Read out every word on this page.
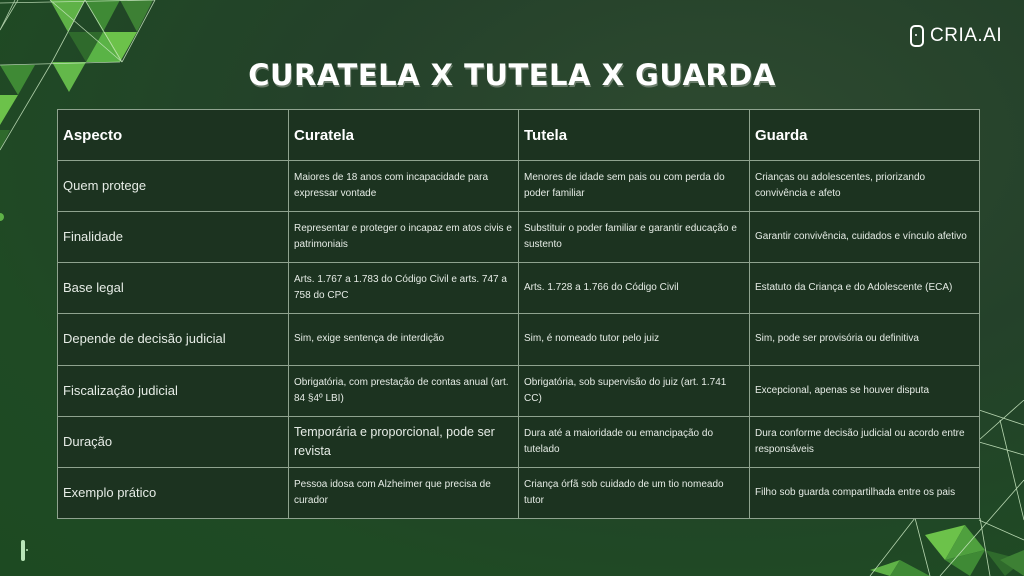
CRIA.AI
CURATELA X TUTELA X GUARDA
Aspecto	Curatela	Tutela	Guarda
Quem protege	Maiores de 18 anos com incapacidade para expressar vontade	Menores de idade sem pais ou com perda do poder familiar	Crianças ou adolescentes, priorizando convivência e afeto
Finalidade	Representar e proteger o incapaz em atos civis e patrimoniais	Substituir o poder familiar e garantir educação e sustento	Garantir convivência, cuidados e vínculo afetivo
Base legal	Arts. 1.767 a 1.783 do Código Civil e arts. 747 a 758 do CPC	Arts. 1.728 a 1.766 do Código Civil	Estatuto da Criança e do Adolescente (ECA)
Depende de decisão judicial	Sim, exige sentença de interdição	Sim, é nomeado tutor pelo juiz	Sim, pode ser provisória ou definitiva
Fiscalização judicial	Obrigatória, com prestação de contas anual (art. 84 §4º LBI)	Obrigatória, sob supervisão do juiz (art. 1.741 CC)	Excepcional, apenas se houver disputa
Duração	Temporária e proporcional, pode ser revista	Dura até a maioridade ou emancipação do tutelado	Dura conforme decisão judicial ou acordo entre responsáveis
Exemplo prático	Pessoa idosa com Alzheimer que precisa de curador	Criança órfã sob cuidado de um tio nomeado tutor	Filho sob guarda compartilhada entre os pais
